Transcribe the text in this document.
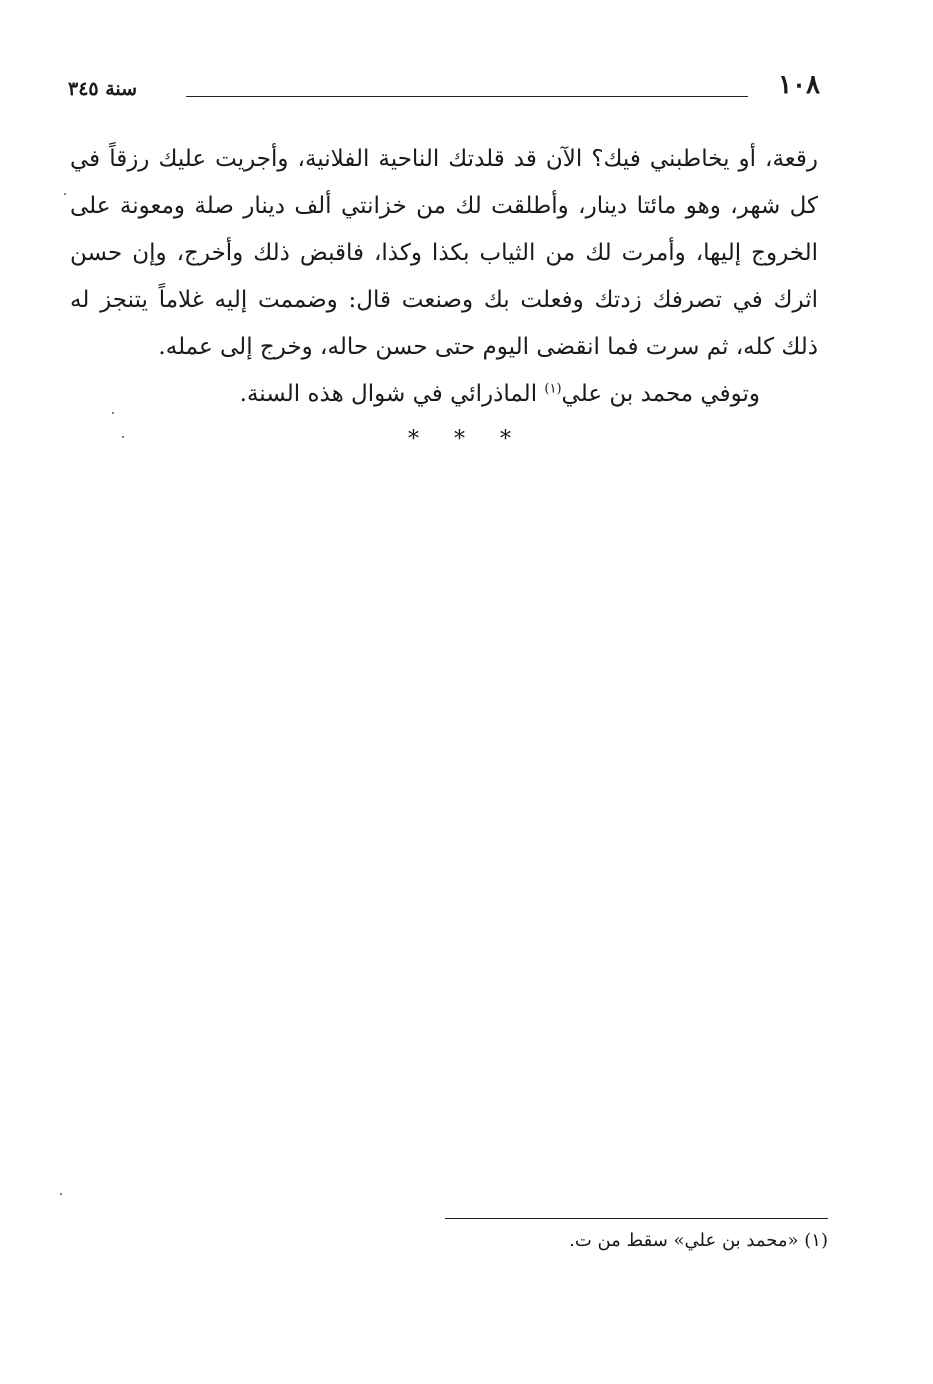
١٠٨
سنة ٣٤٥

رقعة، أو يخاطبني فيك؟ الآن قد قلدتك الناحية الفلانية، وأجريت عليك رزقاً في كل شهر، وهو مائتا دينار، وأطلقت لك من خزانتي ألف دينار صلة ومعونة على الخروج إليها، وأمرت لك من الثياب بكذا وكذا، فاقبض ذلك وأخرج، وإن حسن اثرك في تصرفك زدتك وفعلت بك وصنعت قال: وضممت إليه غلاماً يتنجز له ذلك كله، ثم سرت فما انقضى اليوم حتى حسن حاله، وخرج إلى عمله.

وتوفي محمد بن علي$^{(١)}$ الماذرائي في شوال هذه السنة.

* * *
(١) «محمد بن علي» سقط من ت.
